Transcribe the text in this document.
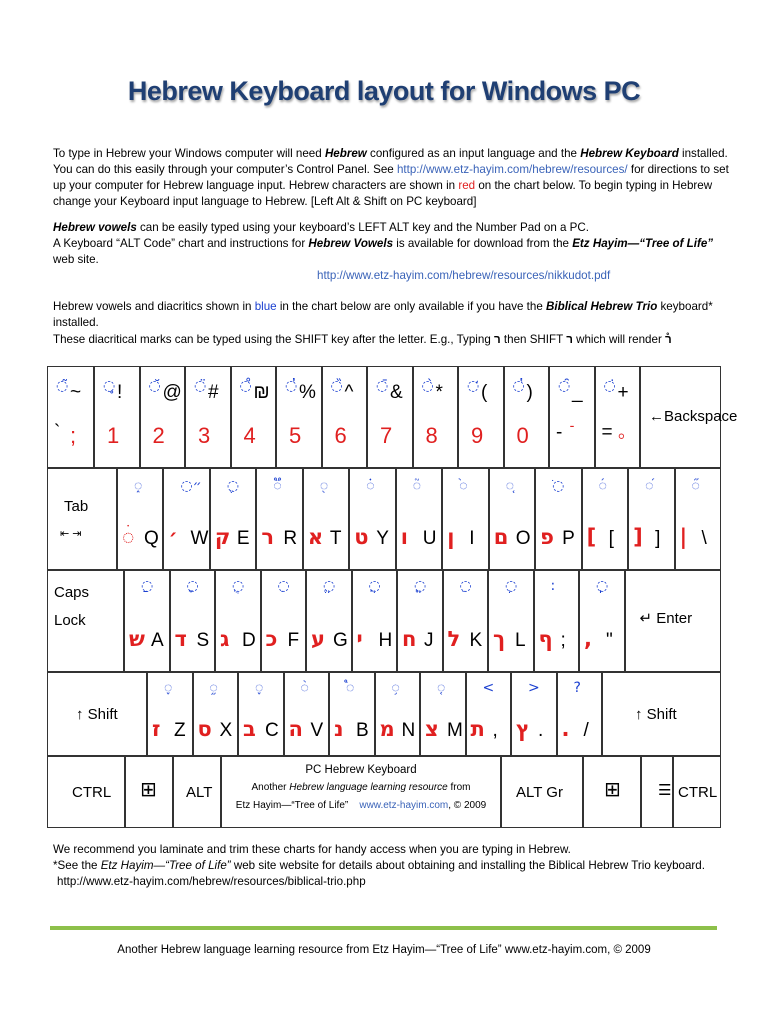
Hebrew Keyboard layout for Windows PC
To type in Hebrew your Windows computer will need Hebrew configured as an input language and the Hebrew Keyboard installed. You can do this easily through your computer’s Control Panel. See http://www.etz-hayim.com/hebrew/resources/ for directions to set up your computer for Hebrew language input. Hebrew characters are shown in red on the chart below. To begin typing in Hebrew change your Keyboard input language to Hebrew. [Left Alt & Shift on PC keyboard]
Hebrew vowels can be easily typed using your keyboard’s LEFT ALT key and the Number Pad on a PC.
A Keyboard “ALT Code” chart and instructions for Hebrew Vowels is available for download from the Etz Hayim—“Tree of Life” web site.
http://www.etz-hayim.com/hebrew/resources/nikkudot.pdf
Hebrew vowels and diacritics shown in blue in the chart below are only available if you have the Biblical Hebrew Trio keyboard* installed.
These diacritical marks can be typed using the SHIFT key after the letter. E.g., Typing ר then SHIFT ר which will render ר֯
◌̃ ~
` ;
◌̥ !
1
◌̆ @
2
◌̈ #
3
◌̊ ₪
4
◌̓ %
5
◌̏ ^
6
◌̄ &
7
◌̀ *
8
◌̒ (
9
◌̔ )
0
◌̑ _
-
◌̇ +
= ◦
←Backspace
Tab
⇤ ⇥
◌֑
◌ׄ Q
◌״
׳ W
◌ֶ
ק E
◌֟
ר R
◌֖
א T
◌֗
ט Y
◌֘
ו U
◌֙
ן I
◌֚
ם O
◌ֹ
פ P
◌֜
[ [
◌֝
] ]
◌֞
| \
Caps
Lock
◌ַ
ש A
◌ָ
ד S
◌ֻ
ג D
◌ִ
כ F
◌ֱ
ע G
◌ֲ
י H
◌ֳ
ח J
◌ֵ
ל K
◌ְ
ך L
:
ף ;
◌ֽ
, "
↵ Enter
↑ Shift
◌֢
ז Z
◌֦
ס X
◌֪
ב C
◌֨
ה V
◌֩
נ B
◌֥
מ N
◌֤
צ M
<
ת ,
>
ץ .
?
. /
↑ Shift
CTRL ⊞ ALT
PC Hebrew Keyboard
Another Hebrew language learning resource from
Etz Hayim—“Tree of Life” www.etz-hayim.com, © 2009
ALT Gr ⊞ ☰ CTRL
We recommend you laminate and trim these charts for handy access when you are typing in Hebrew.
*See the Etz Hayim—“Tree of Life” web site website for details about obtaining and installing the Biblical Hebrew Trio keyboard.
http://www.etz-hayim.com/hebrew/resources/biblical-trio.php
Another Hebrew language learning resource from Etz Hayim—“Tree of Life” www.etz-hayim.com, © 2009
